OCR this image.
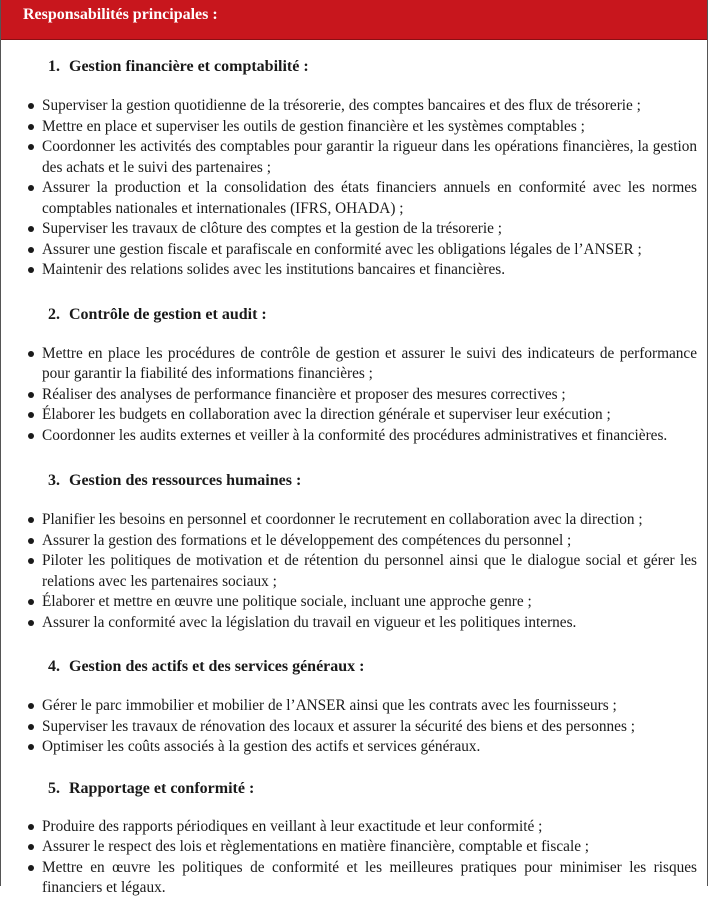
Responsabilités principales :
1. Gestion financière et comptabilité :
Superviser la gestion quotidienne de la trésorerie, des comptes bancaires et des flux de trésorerie ;
Mettre en place et superviser les outils de gestion financière et les systèmes comptables ;
Coordonner les activités des comptables pour garantir la rigueur dans les opérations financières, la gestion des achats et le suivi des partenaires ;
Assurer la production et la consolidation des états financiers annuels en conformité avec les normes comptables nationales et internationales (IFRS, OHADA) ;
Superviser les travaux de clôture des comptes et la gestion de la trésorerie ;
Assurer une gestion fiscale et parafiscale en conformité avec les obligations légales de l’ANSER ;
Maintenir des relations solides avec les institutions bancaires et financières.
2. Contrôle de gestion et audit :
Mettre en place les procédures de contrôle de gestion et assurer le suivi des indicateurs de performance pour garantir la fiabilité des informations financières ;
Réaliser des analyses de performance financière et proposer des mesures correctives ;
Élaborer les budgets en collaboration avec la direction générale et superviser leur exécution ;
Coordonner les audits externes et veiller à la conformité des procédures administratives et financières.
3. Gestion des ressources humaines :
Planifier les besoins en personnel et coordonner le recrutement en collaboration avec la direction ;
Assurer la gestion des formations et le développement des compétences du personnel ;
Piloter les politiques de motivation et de rétention du personnel ainsi que le dialogue social et gérer les relations avec les partenaires sociaux ;
Élaborer et mettre en œuvre une politique sociale, incluant une approche genre ;
Assurer la conformité avec la législation du travail en vigueur et les politiques internes.
4. Gestion des actifs et des services généraux :
Gérer le parc immobilier et mobilier de l’ANSER ainsi que les contrats avec les fournisseurs ;
Superviser les travaux de rénovation des locaux et assurer la sécurité des biens et des personnes ;
Optimiser les coûts associés à la gestion des actifs et services généraux.
5. Rapportage et conformité :
Produire des rapports périodiques en veillant à leur exactitude et leur conformité ;
Assurer le respect des lois et règlementations en matière financière, comptable et fiscale ;
Mettre en œuvre les politiques de conformité et les meilleures pratiques pour minimiser les risques financiers et légaux.
